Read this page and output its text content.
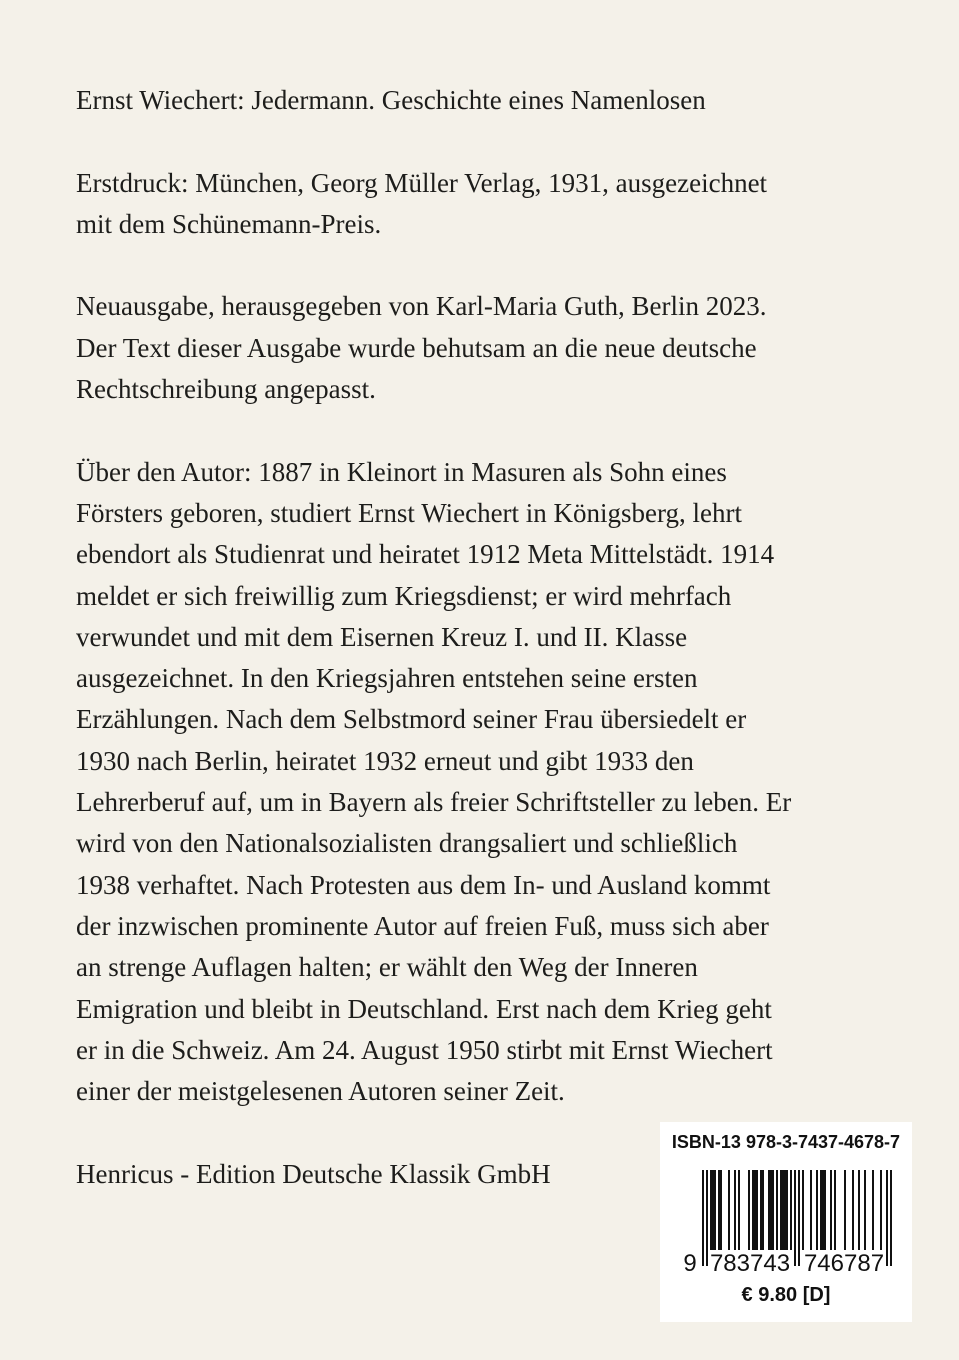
Ernst Wiechert: Jedermann. Geschichte eines Namenlosen
Erstdruck: München, Georg Müller Verlag, 1931, ausgezeichnet
mit dem Schünemann-Preis.
Neuausgabe, herausgegeben von Karl-Maria Guth, Berlin 2023.
Der Text dieser Ausgabe wurde behutsam an die neue deutsche
Rechtschreibung angepasst.
Über den Autor: 1887 in Kleinort in Masuren als Sohn eines
Försters geboren, studiert Ernst Wiechert in Königsberg, lehrt
ebendort als Studienrat und heiratet 1912 Meta Mittelstädt. 1914
meldet er sich freiwillig zum Kriegsdienst; er wird mehrfach
verwundet und mit dem Eisernen Kreuz I. und II. Klasse
ausgezeichnet. In den Kriegsjahren entstehen seine ersten
Erzählungen. Nach dem Selbstmord seiner Frau übersiedelt er
1930 nach Berlin, heiratet 1932 erneut und gibt 1933 den
Lehrerberuf auf, um in Bayern als freier Schriftsteller zu leben. Er
wird von den Nationalsozialisten drangsaliert und schließlich
1938 verhaftet. Nach Protesten aus dem In- und Ausland kommt
der inzwischen prominente Autor auf freien Fuß, muss sich aber
an strenge Auflagen halten; er wählt den Weg der Inneren
Emigration und bleibt in Deutschland. Erst nach dem Krieg geht
er in die Schweiz. Am 24. August 1950 stirbt mit Ernst Wiechert
einer der meistgelesenen Autoren seiner Zeit.
Henricus - Edition Deutsche Klassik GmbH
ISBN-13 978-3-7437-4678-7
9 783743 746787
€ 9.80 [D]
